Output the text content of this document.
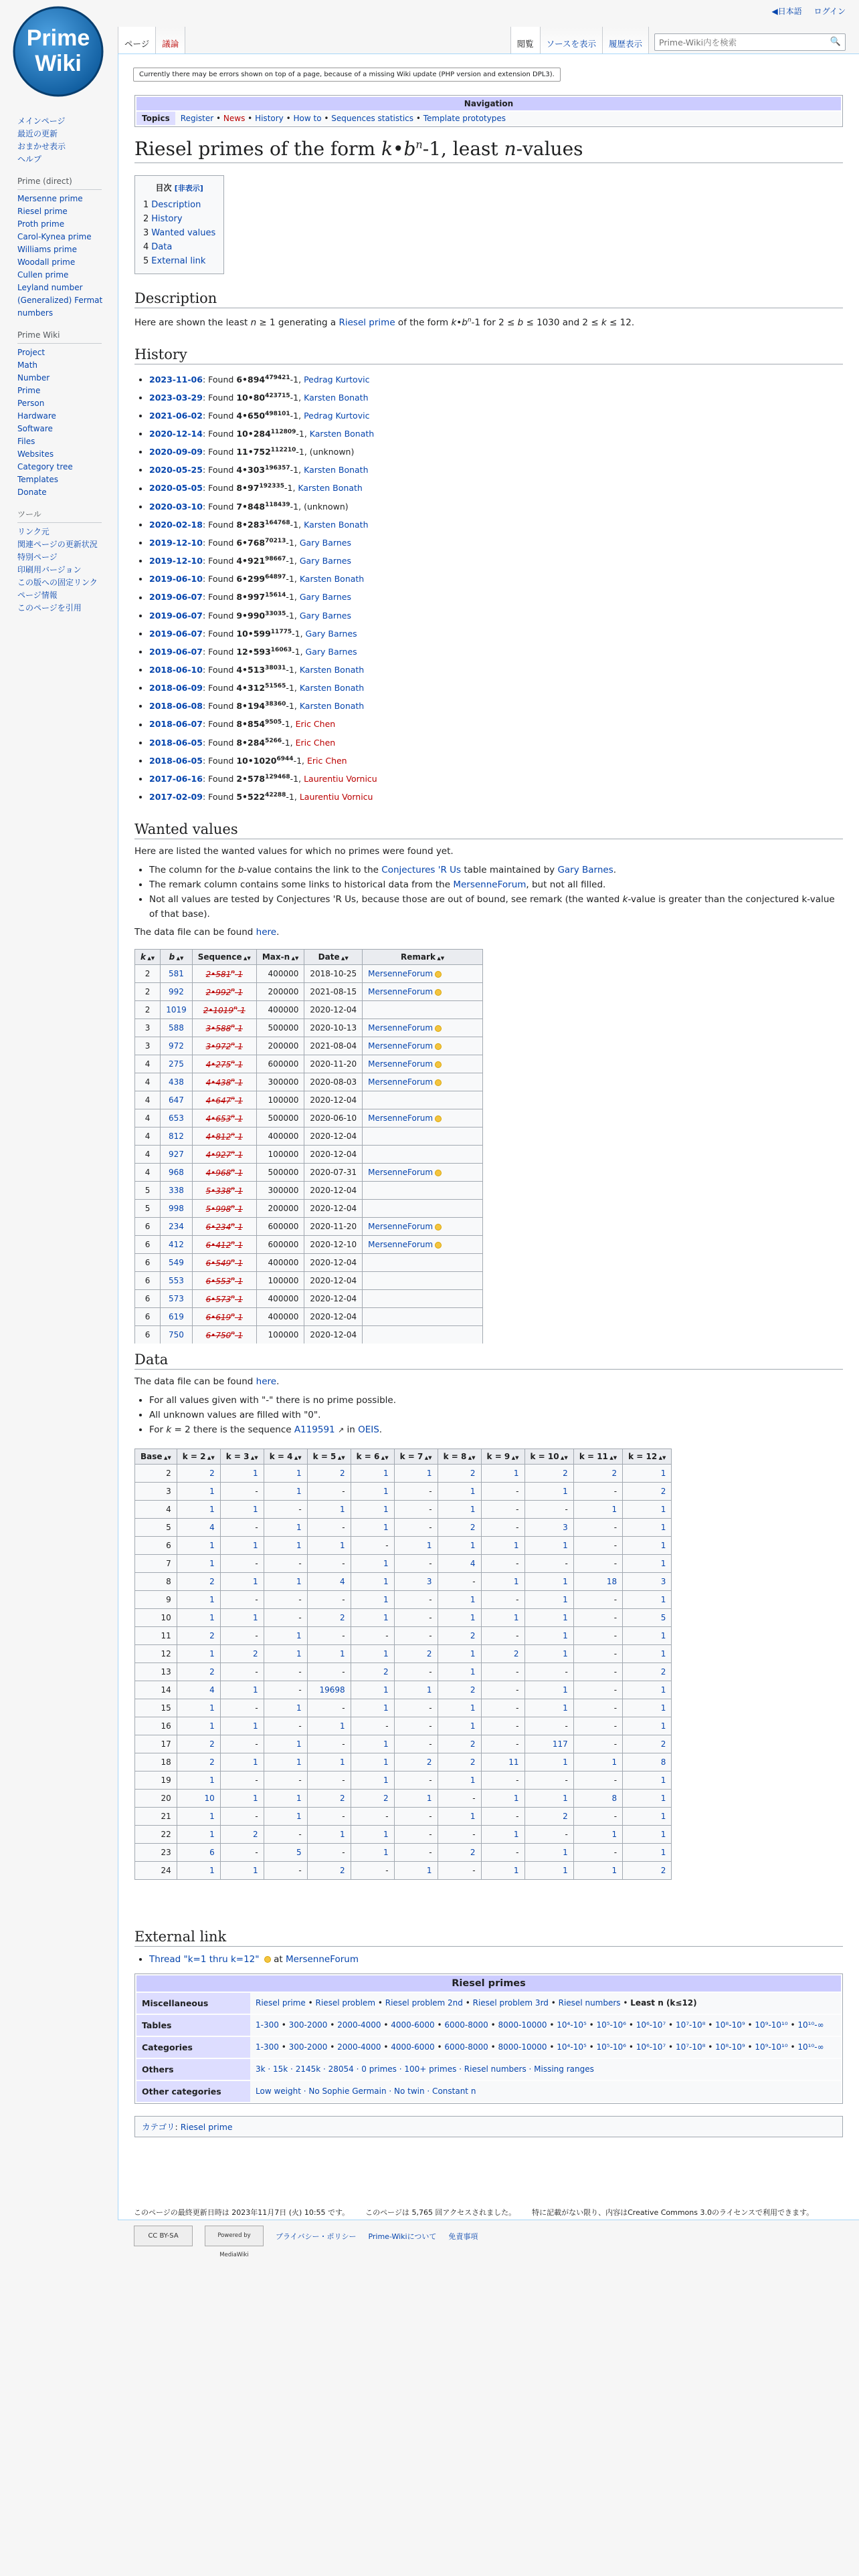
Prime
Wiki
◀日本語 ログイン
ページ	議論	閲覧	ソースを表示	履歴表示
Prime-Wiki内を検索	🔍
メインページ
最近の更新
おまかせ表示
ヘルプ
Prime (direct)
Mersenne prime
Riesel prime
Proth prime
Carol-Kynea prime
Williams prime
Woodall prime
Cullen prime
Leyland number
(Generalized) Fermat numbers
Prime Wiki
Project
Math
Number
Prime
Person
Hardware
Software
Files
Websites
Category tree
Templates
Donate
ツール
リンク元
関連ページの更新状況
特別ページ
印刷用バージョン
この版への固定リンク
ページ情報
このページを引用
Currently there may be errors shown on top of a page, because of a missing Wiki update (PHP version and extension DPL3).
Navigation
Topics	Register • News • History • How to • Sequences statistics • Template prototypes
Riesel primes of the form $k•b^n-1$, least n-values
目次 [非表示]
1 Description
2 History
3 Wanted values
4 Data
5 External link
Description

Here are shown the least n ≥ 1 generating a Riesel prime of the form $k•b^n-1$ for 2 ≤ b ≤ 1030 and 2 ≤ k ≤ 12.

History
• 2023-11-06: Found $6•894^{479421}-1$, Pedrag Kurtovic
• 2023-03-29: Found $10•80^{423715}-1$, Karsten Bonath
• 2021-06-02: Found $4•650^{498101}-1$, Pedrag Kurtovic
• 2020-12-14: Found $10•284^{112809}-1$, Karsten Bonath
• 2020-09-09: Found $11•752^{112210}-1$, (unknown)
• 2020-05-25: Found $4•303^{196357}-1$, Karsten Bonath
• 2020-05-05: Found $8•97^{192335}-1$, Karsten Bonath
• 2020-03-10: Found $7•848^{118439}-1$, (unknown)
• 2020-02-18: Found $8•283^{164768}-1$, Karsten Bonath
• 2019-12-10: Found $6•768^{70213}-1$, Gary Barnes
• 2019-12-10: Found $4•921^{98667}-1$, Gary Barnes
• 2019-06-10: Found $6•299^{64897}-1$, Karsten Bonath
• 2019-06-07: Found $8•997^{15614}-1$, Gary Barnes
• 2019-06-07: Found $9•990^{33035}-1$, Gary Barnes
• 2019-06-07: Found $10•599^{11775}-1$, Gary Barnes
• 2019-06-07: Found $12•593^{16063}-1$, Gary Barnes
• 2018-06-10: Found $4•513^{38031}-1$, Karsten Bonath
• 2018-06-09: Found $4•312^{51565}-1$, Karsten Bonath
• 2018-06-08: Found $8•194^{38360}-1$, Karsten Bonath
• 2018-06-07: Found $8•854^{9505}-1$, Eric Chen
• 2018-06-05: Found $8•284^{5266}-1$, Eric Chen
• 2018-06-05: Found $10•1020^{6944}-1$, Eric Chen
• 2017-06-16: Found $2•578^{129468}-1$, Laurentiu Vornicu
• 2017-02-09: Found $5•522^{42288}-1$, Laurentiu Vornicu
Wanted values

Here are listed the wanted values for which no primes were found yet.

• The column for the b-value contains the link to the Conjectures 'R Us table maintained by Gary Barnes.
• The remark column contains some links to historical data from the MersenneForum, but not all filled.
• Not all values are tested by Conjectures 'R Us, because those are out of bound, see remark (the wanted k-value is greater than the conjectured k-value of that base).

The data file can be found here.

k ▲▼	b ▲▼	Sequence ▲▼	Max-n ▲▼	Date ▲▼	Remark ▲▼
2	581	2•581$^n$-1	400000	2018-10-25	MersenneForum
2	992	2•992$^n$-1	200000	2021-08-15	MersenneForum
2	1019	2•1019$^n$-1	400000	2020-12-04	
3	588	3•588$^n$-1	500000	2020-10-13	MersenneForum
3	972	3•972$^n$-1	200000	2021-08-04	MersenneForum
4	275	4•275$^n$-1	600000	2020-11-20	MersenneForum
4	438	4•438$^n$-1	300000	2020-08-03	MersenneForum
4	647	4•647$^n$-1	100000	2020-12-04	
4	653	4•653$^n$-1	500000	2020-06-10	MersenneForum
4	812	4•812$^n$-1	400000	2020-12-04	
4	927	4•927$^n$-1	100000	2020-12-04	
4	968	4•968$^n$-1	500000	2020-07-31	MersenneForum
5	338	5•338$^n$-1	300000	2020-12-04	
5	998	5•998$^n$-1	200000	2020-12-04	
6	234	6•234$^n$-1	600000	2020-11-20	MersenneForum
6	412	6•412$^n$-1	600000	2020-12-10	MersenneForum
6	549	6•549$^n$-1	400000	2020-12-04	
6	553	6•553$^n$-1	100000	2020-12-04	
6	573	6•573$^n$-1	400000	2020-12-04	
6	619	6•619$^n$-1	400000	2020-12-04	
6	750	6•750$^n$-1	100000	2020-12-04	

Data

The data file can be found here.

• For all values given with "-" there is no prime possible.
• All unknown values are filled with "0".
• For k = 2 there is the sequence A119591 ↗ in OEIS.
Base ▲▼	k = 2 ▲▼	k = 3 ▲▼	k = 4 ▲▼	k = 5 ▲▼	k = 6 ▲▼	k = 7 ▲▼	k = 8 ▲▼	k = 9 ▲▼	k = 10 ▲▼	k = 11 ▲▼	k = 12 ▲▼
2	2	1	1	2	1	1	2	1	2	2	1
3	1	-	1	-	1	-	1	-	1	-	2
4	1	1	-	1	1	-	1	-	-	1	1
5	4	-	1	-	1	-	2	-	3	-	1
6	1	1	1	1	-	1	1	1	1	-	1
7	1	-	-	-	1	-	4	-	-	-	1
8	2	1	1	4	1	3	-	1	1	18	3
9	1	-	-	-	1	-	1	-	1	-	1
10	1	1	-	2	1	-	1	1	1	-	5
11	2	-	1	-	-	-	2	-	1	-	1
12	1	2	1	1	1	2	1	2	1	-	1
13	2	-	-	-	2	-	1	-	-	-	2
14	4	1	-	19698	1	1	2	-	1	-	1
15	1	-	1	-	1	-	1	-	1	-	1
16	1	1	-	1	-	-	1	-	-	-	1
17	2	-	1	-	1	-	2	-	117	-	2
18	2	1	1	1	1	2	2	11	1	1	8
19	1	-	-	-	1	-	1	-	-	-	1
20	10	1	1	2	2	1	-	1	1	8	1
21	1	-	1	-	-	-	1	-	2	-	1
22	1	2	-	1	1	-	-	1	-	1	1
23	6	-	5	-	1	-	2	-	1	-	1
24	1	1	-	2	-	1	-	1	1	1	2
External link
• Thread "k=1 thru k=12"  at MersenneForum
Riesel primes
Miscellaneous	Riesel prime • Riesel problem • Riesel problem 2nd • Riesel problem 3rd • Riesel numbers • Least n (k≤12)
Tables	1-300 • 300-2000 • 2000-4000 • 4000-6000 • 6000-8000 • 8000-10000 • 10⁴-10⁵ • 10⁵-10⁶ • 10⁶-10⁷ • 10⁷-10⁸ • 10⁸-10⁹ • 10⁹-10¹⁰ • 10¹⁰-∞
Categories	1-300 • 300-2000 • 2000-4000 • 4000-6000 • 6000-8000 • 8000-10000 • 10⁴-10⁵ • 10⁵-10⁶ • 10⁶-10⁷ • 10⁷-10⁸ • 10⁸-10⁹ • 10⁹-10¹⁰ • 10¹⁰-∞
Others	3k · 15k · 2145k · 28054 · 0 primes · 100+ primes · Riesel numbers · Missing ranges
Other categories	Low weight · No Sophie Germain · No twin · Constant n
カテゴリ: Riesel prime
このページの最終更新日時は 2023年11月7日 (火) 10:55 です。 このページは 5,765 回アクセスされました。 特に記載がない限り、内容はCreative Commons 3.0のライセンスで利用できます。
CC BY-SA	Powered by MediaWiki
プライバシー・ポリシー Prime-Wikiについて 免責事項
